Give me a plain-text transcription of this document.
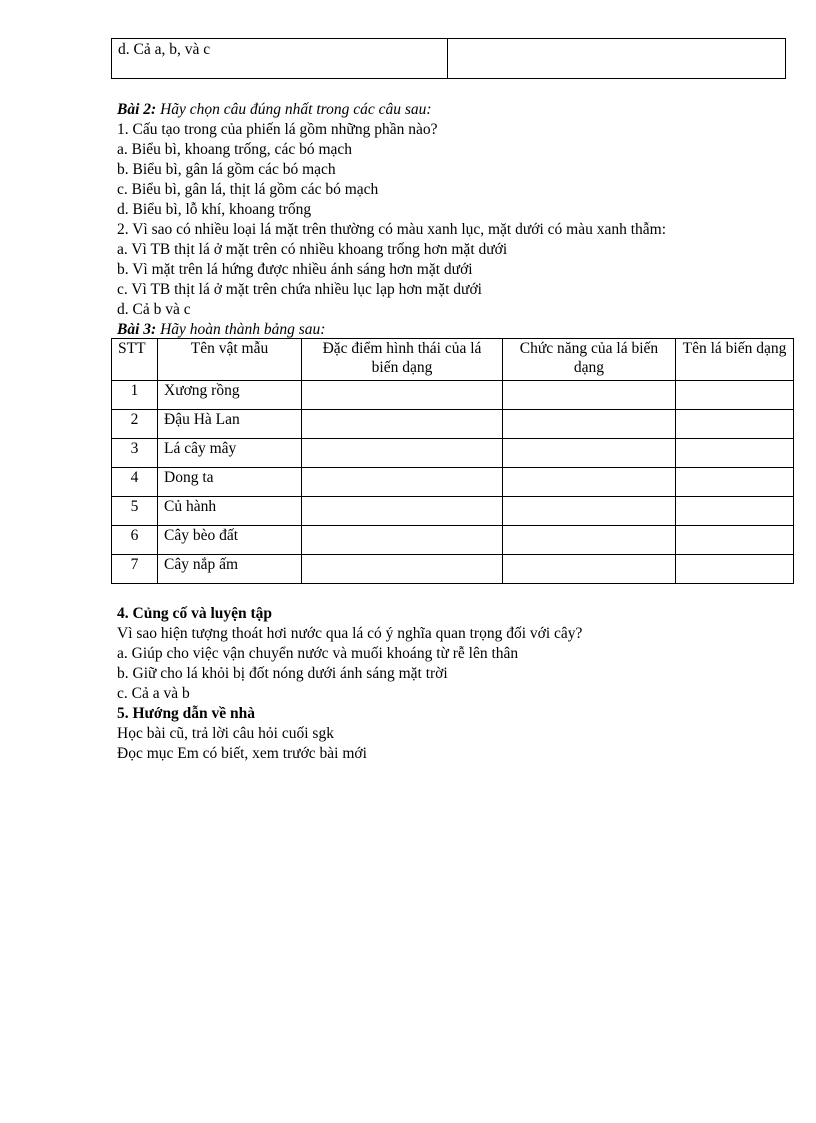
d. Cả a, b, và c	
Bài 2: Hãy chọn câu đúng nhất trong các câu sau:
1. Cấu tạo trong của phiến lá gồm những phần nào?
a. Biểu bì, khoang trống, các bó mạch
b. Biểu bì, gân lá gồm các bó mạch
c. Biểu bì, gân lá, thịt lá gồm các bó mạch
d. Biểu bì, lỗ khí, khoang trống
2. Vì sao có nhiều loại lá mặt trên thường có màu xanh lục, mặt dưới có màu xanh thẫm:
a. Vì TB thịt lá ở mặt trên có nhiều khoang trống hơn mặt dưới
b. Vì mặt trên lá hứng được nhiều ánh sáng hơn mặt dưới
c. Vì TB thịt lá ở mặt trên chứa nhiều lục lạp hơn mặt dưới
d. Cả b và c
Bài 3: Hãy hoàn thành bảng sau:
STT	Tên vật mẫu	Đặc điểm hình thái của lá biến dạng	Chức năng của lá biến dạng	Tên lá biến dạng
1	Xương rồng			
2	Đậu Hà Lan			
3	Lá cây mây			
4	Dong ta			
5	Củ hành			
6	Cây bèo đất			
7	Cây nắp ấm			
4. Củng cố và luyện tập
Vì sao hiện tượng thoát hơi nước qua lá có ý nghĩa quan trọng đối với cây?
a. Giúp cho việc vận chuyển nước và muối khoáng từ rễ lên thân
b. Giữ cho lá khỏi bị đốt nóng dưới ánh sáng mặt trời
c. Cả a và b
5. Hướng dẫn về nhà
Học bài cũ, trả lời câu hỏi cuối sgk
Đọc mục Em có biết, xem trước bài mới
